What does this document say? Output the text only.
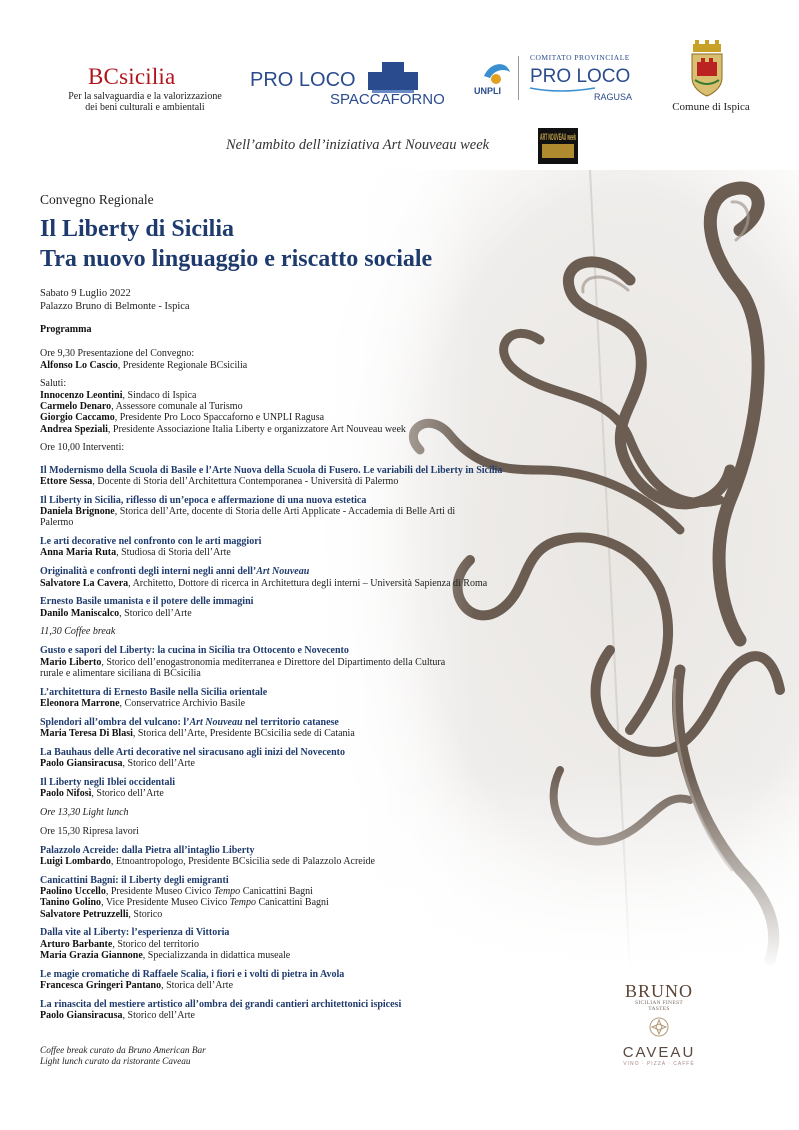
BCsicilia
Per la salvaguardia e la valorizzazione
dei beni culturali e ambientali
PRO LOCO
SPACCAFORNO	UNPLI
COMITATO PROVINCIALE
PRO LOCO
RAGUSA
Comune di Ispica
Nell’ambito dell’iniziativa Art Nouveau week	ART NOUVEAU week
Convegno Regionale
Il Liberty di Sicilia
Tra nuovo linguaggio e riscatto sociale
Sabato 9 Luglio 2022
Palazzo Bruno di Belmonte - Ispica
Programma
Ore 9,30 Presentazione del Convegno:
Alfonso Lo Cascio, Presidente Regionale BCsicilia
Saluti:
Innocenzo Leontini, Sindaco di Ispica
Carmelo Denaro, Assessore comunale al Turismo
Giorgio Caccamo, Presidente Pro Loco Spaccaforno e UNPLI Ragusa
Andrea Speziali, Presidente Associazione Italia Liberty e organizzatore Art Nouveau week
Ore 10,00 Interventi:
Il Modernismo della Scuola di Basile e l’Arte Nuova della Scuola di Fusero. Le variabili del Liberty in Sicilia
Ettore Sessa, Docente di Storia dell’Architettura Contemporanea - Università di Palermo
Il Liberty in Sicilia, riflesso di un’epoca e affermazione di una nuova estetica
Daniela Brignone, Storica dell’Arte, docente di Storia delle Arti Applicate - Accademia di Belle Arti di
Palermo
Le arti decorative nel confronto con le arti maggiori
Anna Maria Ruta, Studiosa di Storia dell’Arte
Originalità e confronti degli interni negli anni dell’Art Nouveau
Salvatore La Cavera, Architetto, Dottore di ricerca in Architettura degli interni – Università Sapienza di Roma
Ernesto Basile umanista e il potere delle immagini
Danilo Maniscalco, Storico dell’Arte
11,30 Coffee break
Gusto e sapori del Liberty: la cucina in Sicilia tra Ottocento e Novecento
Mario Liberto, Storico dell’enogastronomia mediterranea e Direttore del Dipartimento della Cultura
rurale e alimentare siciliana di BCsicilia
L’architettura di Ernesto Basile nella Sicilia orientale
Eleonora Marrone, Conservatrice Archivio Basile
Splendori all’ombra del vulcano: l’Art Nouveau nel territorio catanese
Maria Teresa Di Blasi, Storica dell’Arte, Presidente BCsicilia sede di Catania
La Bauhaus delle Arti decorative nel siracusano agli inizi del Novecento
Paolo Giansiracusa, Storico dell’Arte
Il Liberty negli Iblei occidentali
Paolo Nifosì, Storico dell’Arte
Ore 13,30 Light lunch
Ore 15,30 Ripresa lavori
Palazzolo Acreide: dalla Pietra all’intaglio Liberty
Luigi Lombardo, Etnoantropologo, Presidente BCsicilia sede di Palazzolo Acreide
Canicattini Bagni: il Liberty degli emigranti
Paolino Uccello, Presidente Museo Civico Tempo Canicattini Bagni
Tanino Golino, Vice Presidente Museo Civico Tempo Canicattini Bagni
Salvatore Petruzzelli, Storico
Dalla vite al Liberty: l’esperienza di Vittoria
Arturo Barbante, Storico del territorio
Maria Grazia Giannone, Specializzanda in didattica museale
Le magie cromatiche di Raffaele Scalia, i fiori e i volti di pietra in Avola
Francesca Gringeri Pantano, Storica dell’Arte
La rinascita del mestiere artistico all’ombra dei grandi cantieri architettonici ispicesi
Paolo Giansiracusa, Storico dell’Arte
Coffee break curato da Bruno American Bar
Light lunch curato da ristorante Caveau
BRUNO
SICILIAN FINEST TASTES
CAVEAU
VINO · PIZZA · CAFFÈ
